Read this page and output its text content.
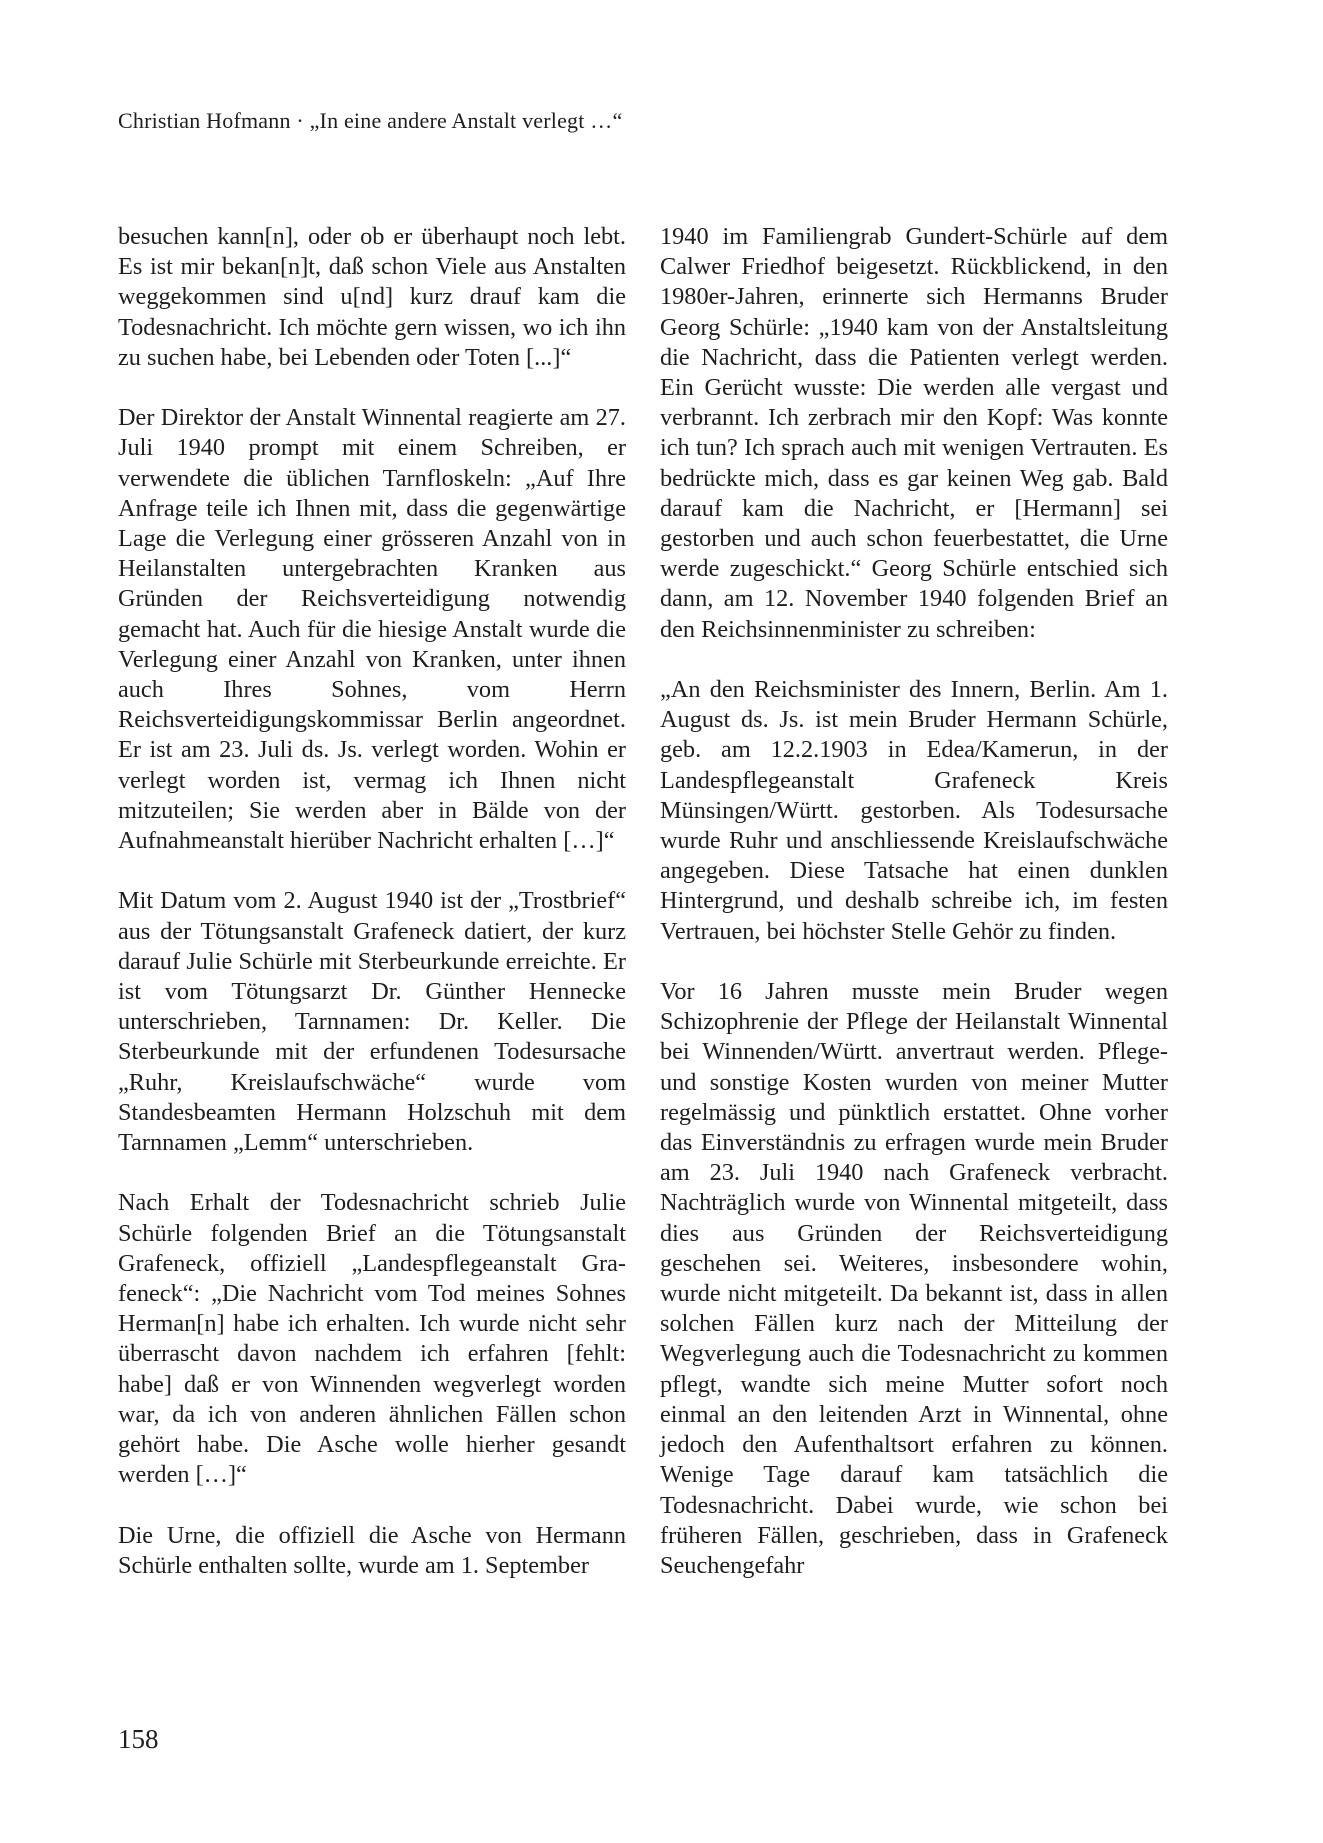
Christian Hofmann · „In eine andere Anstalt verlegt …“

besuchen kann[n], oder ob er überhaupt noch lebt. Es ist mir bekan[n]t, daß schon Viele aus Anstalten weggekommen sind u[nd] kurz drauf kam die Todesnachricht. Ich möchte gern wissen, wo ich ihn zu suchen habe, bei Lebenden oder Toten [...]“

Der Direktor der Anstalt Winnental reagierte am 27. Juli 1940 prompt mit einem Schreiben, er verwendete die üblichen Tarnfloskeln: „Auf Ihre Anfrage teile ich Ihnen mit, dass die gegenwärtige Lage die Verlegung einer grösseren Anzahl von in Heilanstalten untergebrachten Kranken aus Gründen der Reichsverteidigung notwendig gemacht hat. Auch für die hiesige Anstalt wurde die Verlegung einer Anzahl von Kranken, unter ihnen auch Ihres Sohnes, vom Herrn Reichsverteidigungskommissar Berlin angeordnet. Er ist am 23. Juli ds. Js. verlegt worden. Wohin er verlegt worden ist, vermag ich Ihnen nicht mitzuteilen; Sie werden aber in Bälde von der Aufnahmeanstalt hierüber Nachricht erhalten […]“

Mit Datum vom 2. August 1940 ist der „Trostbrief“ aus der Tötungsanstalt Grafeneck datiert, der kurz darauf Julie Schürle mit Sterbeurkunde erreichte. Er ist vom Tötungsarzt Dr. Günther Hennecke unterschrieben, Tarnnamen: Dr. Keller. Die Sterbeurkunde mit der erfundenen Todesursache „Ruhr, Kreislaufschwäche“ wurde vom Standesbeamten Hermann Holzschuh mit dem Tarnnamen „Lemm“ unterschrieben.

Nach Erhalt der Todesnachricht schrieb Julie Schürle folgenden Brief an die Tötungsanstalt Grafeneck, offiziell „Landespflegeanstalt Grafeneck“: „Die Nachricht vom Tod meines Sohnes Herman[n] habe ich erhalten. Ich wurde nicht sehr überrascht davon nachdem ich erfahren [fehlt: habe] daß er von Winnenden wegverlegt worden war, da ich von anderen ähnlichen Fällen schon gehört habe. Die Asche wolle hierher gesandt werden […]“

Die Urne, die offiziell die Asche von Hermann Schürle enthalten sollte, wurde am 1. September

1940 im Familiengrab Gundert-Schürle auf dem Calwer Friedhof beigesetzt. Rückblickend, in den 1980er-Jahren, erinnerte sich Hermanns Bruder Georg Schürle: „1940 kam von der Anstaltsleitung die Nachricht, dass die Patienten verlegt werden. Ein Gerücht wusste: Die werden alle vergast und verbrannt. Ich zerbrach mir den Kopf: Was konnte ich tun? Ich sprach auch mit wenigen Vertrauten. Es bedrückte mich, dass es gar keinen Weg gab. Bald darauf kam die Nachricht, er [Hermann] sei gestorben und auch schon feuerbestattet, die Urne werde zugeschickt.“ Georg Schürle entschied sich dann, am 12. November 1940 folgenden Brief an den Reichsinnenminister zu schreiben:

„An den Reichsminister des Innern, Berlin. Am 1. August ds. Js. ist mein Bruder Hermann Schürle, geb. am 12.2.1903 in Edea/Kamerun, in der Landespflegeanstalt Grafeneck Kreis Münsingen/Württ. gestorben. Als Todesursache wurde Ruhr und anschliessende Kreislaufschwäche angegeben. Diese Tatsache hat einen dunklen Hintergrund, und deshalb schreibe ich, im festen Vertrauen, bei höchster Stelle Gehör zu finden.

Vor 16 Jahren musste mein Bruder wegen Schizophrenie der Pflege der Heilanstalt Winnental bei Winnenden/Württ. anvertraut werden. Pflege- und sonstige Kosten wurden von meiner Mutter regelmässig und pünktlich erstattet. Ohne vorher das Einverständnis zu erfragen wurde mein Bruder am 23. Juli 1940 nach Grafeneck verbracht. Nachträglich wurde von Winnental mitgeteilt, dass dies aus Gründen der Reichsverteidigung geschehen sei. Weiteres, insbesondere wohin, wurde nicht mitgeteilt. Da bekannt ist, dass in allen solchen Fällen kurz nach der Mitteilung der Wegverlegung auch die Todesnachricht zu kommen pflegt, wandte sich meine Mutter sofort noch einmal an den leitenden Arzt in Winnental, ohne jedoch den Aufenthaltsort erfahren zu können. Wenige Tage darauf kam tatsächlich die Todesnachricht. Dabei wurde, wie schon bei früheren Fällen, geschrieben, dass in Grafeneck Seuchengefahr

158
